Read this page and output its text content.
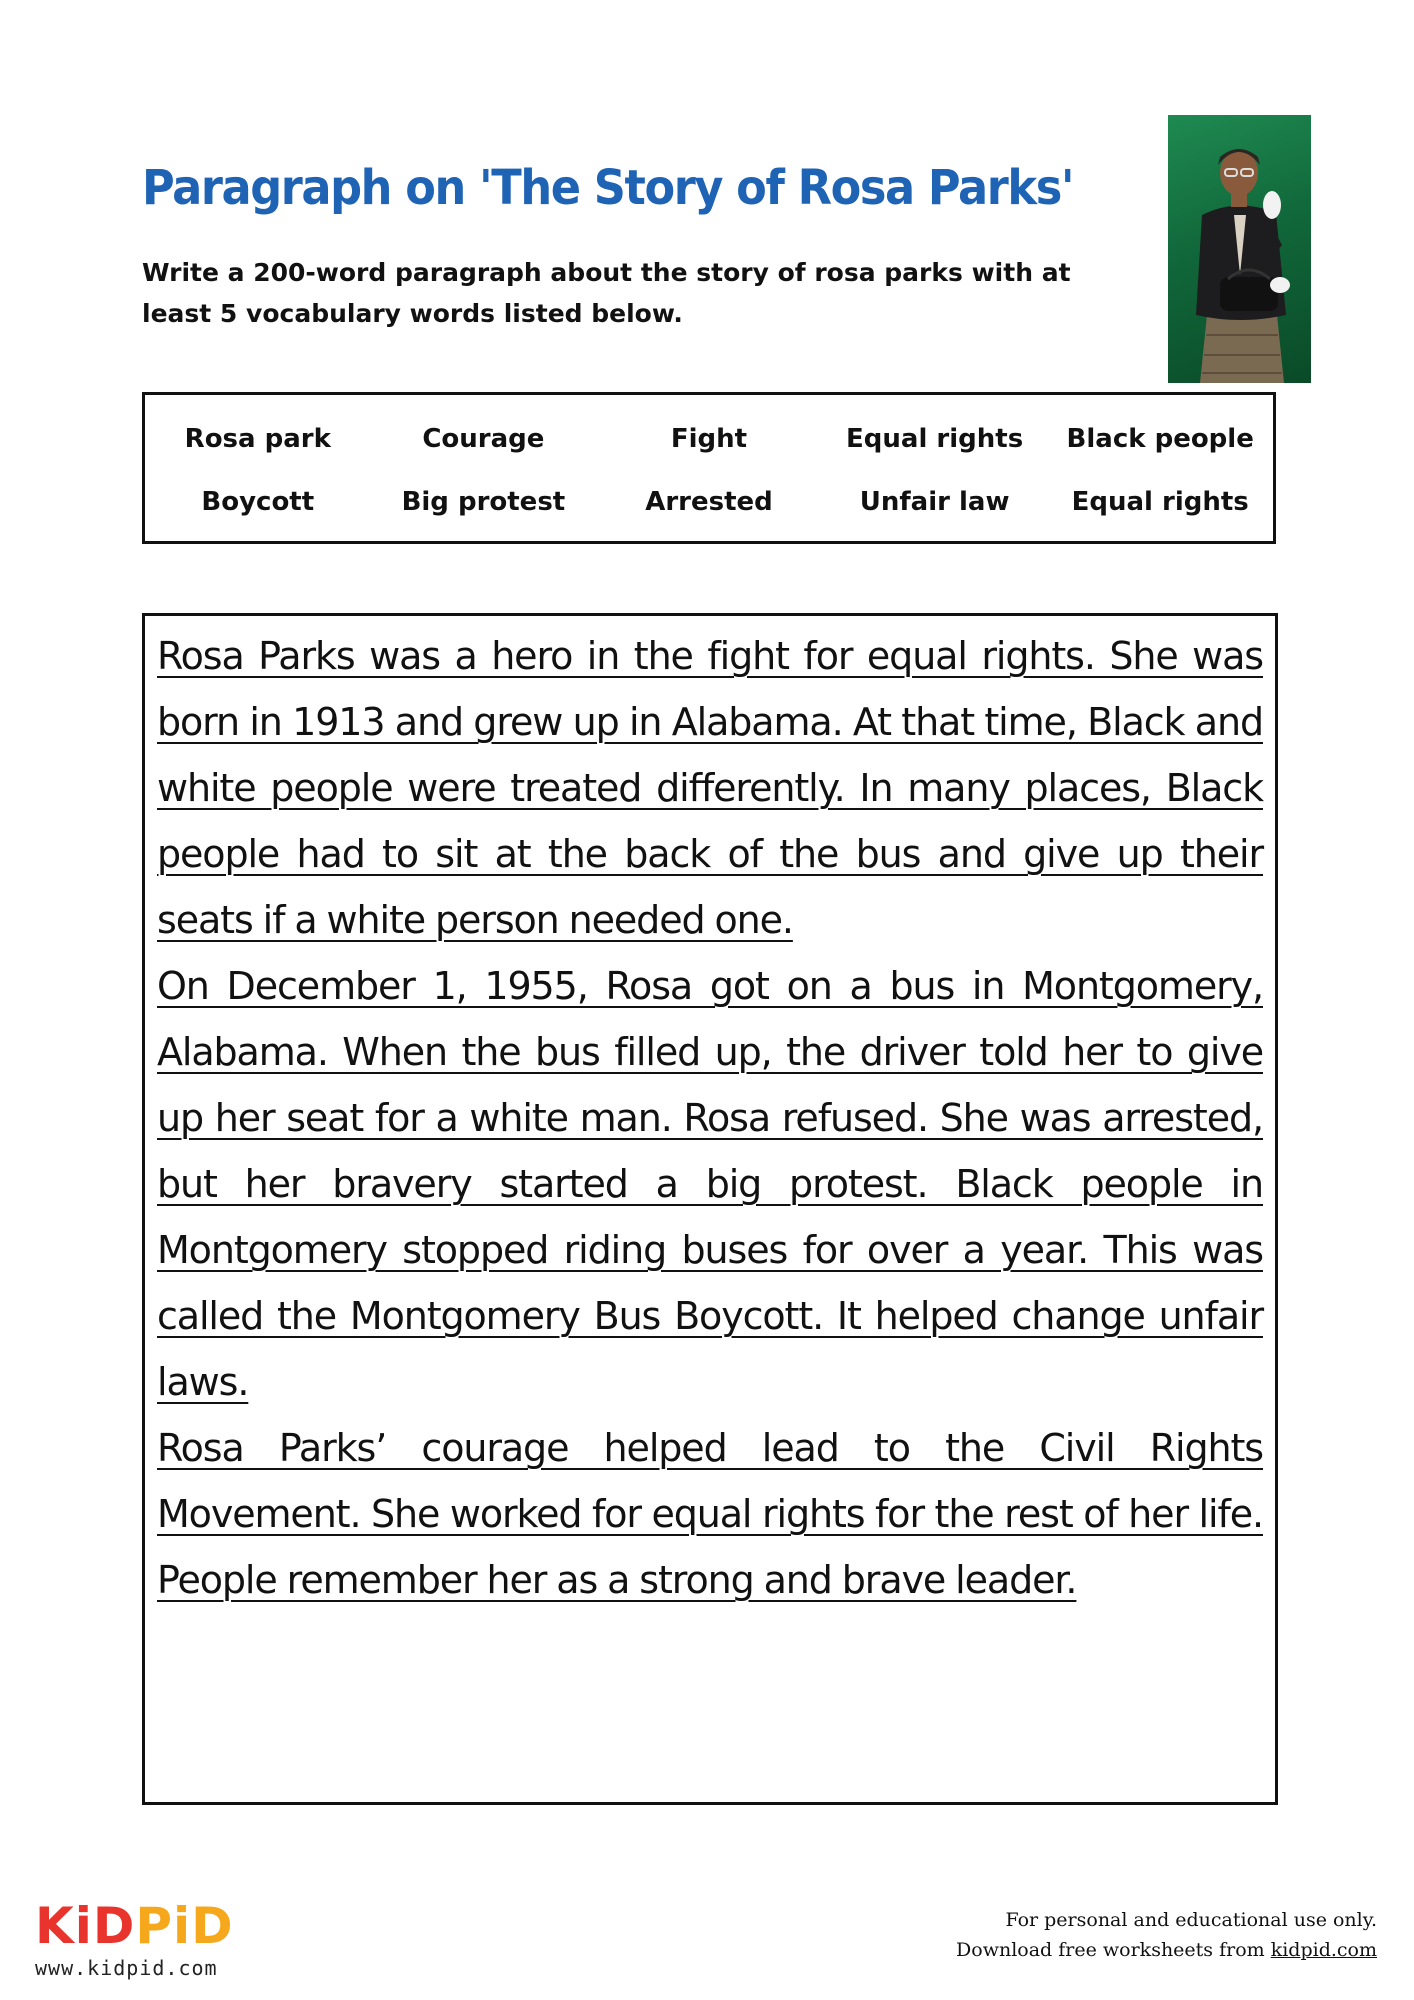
Paragraph on 'The Story of Rosa Parks'

Write a 200-word paragraph about the story of rosa parks with at least 5 vocabulary words listed below.

Rosa park	Courage	Fight	Equal rights	Black people
Boycott	Big protest	Arrested	Unfair law	Equal rights

Rosa Parks was a hero in the fight for equal rights. She was born in 1913 and grew up in Alabama. At that time, Black and white people were treated differently. In many places, Black people had to sit at the back of the bus and give up their seats if a white person needed one.

On December 1, 1955, Rosa got on a bus in Montgomery, Alabama. When the bus filled up, the driver told her to give up her seat for a white man. Rosa refused. She was arrested, but her bravery started a big protest. Black people in Montgomery stopped riding buses for over a year. This was called the Montgomery Bus Boycott. It helped change unfair laws.

Rosa Parks’ courage helped lead to the Civil Rights Movement. She worked for equal rights for the rest of her life. People remember her as a strong and brave leader.

KiDPiD

www.kidpid.com

For personal and educational use only.
Download free worksheets from kidpid.com
